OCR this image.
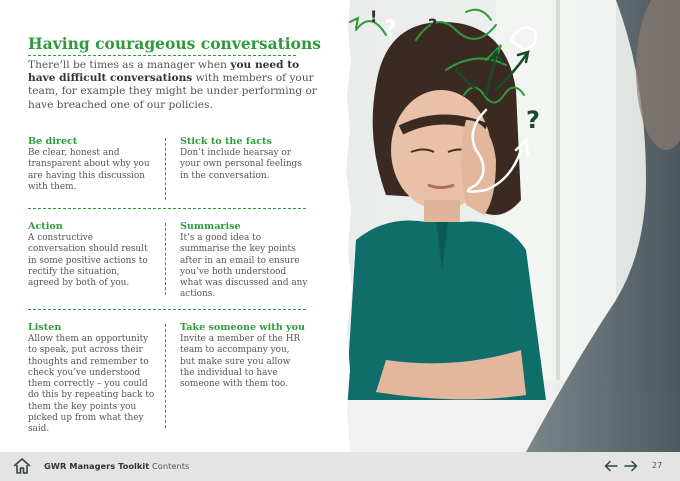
Having courageous conversations

There’ll be times as a manager when you need to have difficult conversations with members of your team, for example they might be under performing or have breached one of our policies.

Be direct
Be clear, honest and transparent about why you are having this discussion with them.
Stick to the facts
Don’t include hearsay or your own personal feelings in the conversation.
Action
A constructive conversation should result in some positive actions to rectify the situation, agreed by both of you.
Summarise
It’s a good idea to summarise the key points after in an email to ensure you’ve both understood what was discussed and any actions.
Listen
Allow them an opportunity to speak, put across their thoughts and remember to check you’ve understood them correctly – you could do this by repeating back to them the key points you picked up from what they said.
Take someone with you
Invite a member of the HR team to accompany you, but make sure you allow the individual to have someone with them too.
?
!	?
?
GWR Managers Toolkit Contents	27
